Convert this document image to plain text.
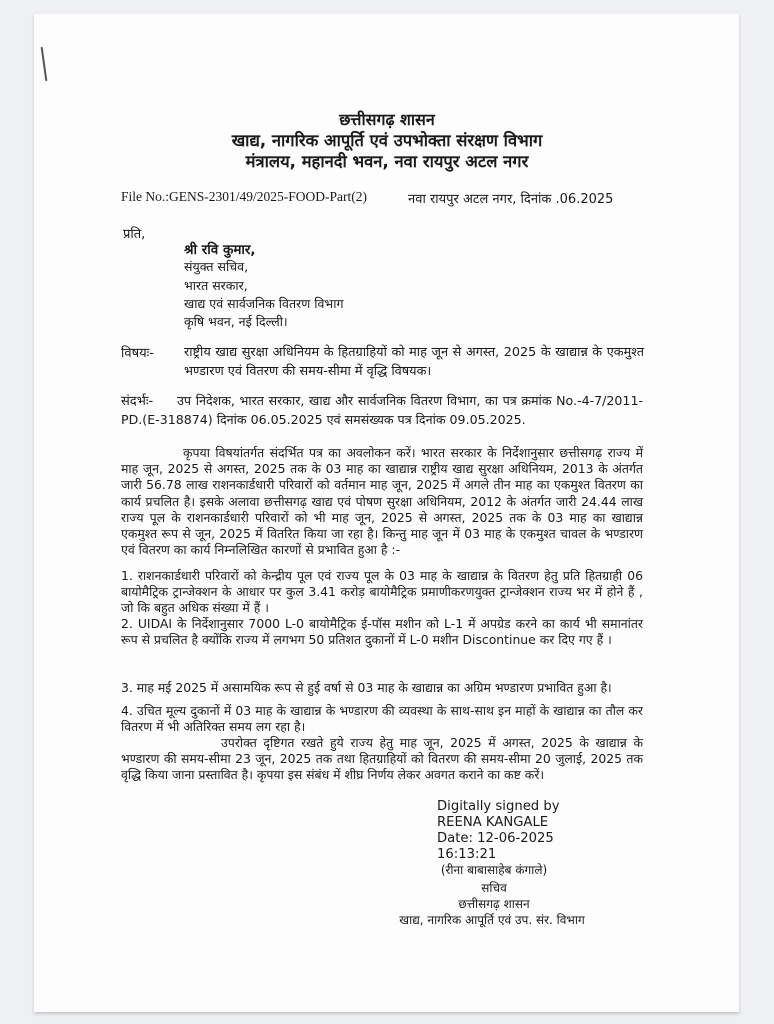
छत्तीसगढ़ शासन
खाद्य, नागरिक आपूर्ति एवं उपभोक्ता संरक्षण विभाग
मंत्रालय, महानदी भवन, नवा रायपुर अटल नगर
File No.:GENS-2301/49/2025-FOOD-Part(2)	नवा रायपुर अटल नगर, दिनांक .06.2025
प्रति,
श्री रवि कुमार,
संयुक्त सचिव,
भारत सरकार,
खाद्य एवं सार्वजनिक वितरण विभाग
कृषि भवन, नई दिल्ली।
विषयः- राष्ट्रीय खाद्य सुरक्षा अधिनियम के हितग्राहियों को माह जून से अगस्त, 2025 के खाद्यान्न के एकमुश्त भण्डारण एवं वितरण की समय-सीमा में वृद्धि विषयक।
संदर्भः-	उप निदेशक, भारत सरकार, खाद्य और सार्वजनिक वितरण विभाग, का पत्र क्रमांक No.-4-7/2011-PD.(E-318874) दिनांक 06.05.2025 एवं समसंख्यक पत्र दिनांक 09.05.2025.
कृपया विषयांतर्गत संदर्भित पत्र का अवलोकन करें। भारत सरकार के निर्देशानुसार छत्तीसगढ़ राज्य में माह जून, 2025 से अगस्त, 2025 तक के 03 माह का खाद्यान्न राष्ट्रीय खाद्य सुरक्षा अधिनियम, 2013 के अंतर्गत जारी 56.78 लाख राशनकार्डधारी परिवारों को वर्तमान माह जून, 2025 में अगले तीन माह का एकमुश्त वितरण का कार्य प्रचलित है। इसके अलावा छत्तीसगढ़ खाद्य एवं पोषण सुरक्षा अधिनियम, 2012 के अंतर्गत जारी 24.44 लाख राज्य पूल के राशनकार्डधारी परिवारों को भी माह जून, 2025 से अगस्त, 2025 तक के 03 माह का खाद्यान्न एकमुश्त रूप से जून, 2025 में वितरित किया जा रहा है। किन्तु माह जून में 03 माह के एकमुश्त चावल के भण्डारण एवं वितरण का कार्य निम्नलिखित कारणों से प्रभावित हुआ है :-
1. राशनकार्डधारी परिवारों को केन्द्रीय पूल एवं राज्य पूल के 03 माह के खाद्यान्न के वितरण हेतु प्रति हितग्राही 06 बायोमैट्रिक ट्रान्जेक्शन के आधार पर कुल 3.41 करोड़ बायोमैट्रिक प्रमाणीकरणयुक्त ट्रान्जेक्शन राज्य भर में होने हैं , जो कि बहुत अधिक संख्या में हैं ।
2. UIDAI के निर्देशानुसार 7000 L-0 बायोमैट्रिक ई-पॉस मशीन को L-1 में अपग्रेड करने का कार्य भी समानांतर रूप से प्रचलित है क्योंकि राज्य में लगभग 50 प्रतिशत दुकानों में L-0 मशीन Discontinue कर दिए गए हैं ।
3. माह मई 2025 में असामयिक रूप से हुई वर्षा से 03 माह के खाद्यान्न का अग्रिम भण्डारण प्रभावित हुआ है।
4. उचित मूल्य दुकानों में 03 माह के खाद्यान्न के भण्डारण की व्यवस्था के साथ-साथ इन माहों के खाद्यान्न का तौल कर वितरण में भी अतिरिक्त समय लग रहा है।
उपरोक्त दृष्टिगत रखते हुये राज्य हेतु माह जून, 2025 में अगस्त, 2025 के खाद्यान्न के भण्डारण की समय-सीमा 23 जून, 2025 तक तथा हितग्राहियों को वितरण की समय-सीमा 20 जुलाई, 2025 तक वृद्धि किया जाना प्रस्तावित है। कृपया इस संबंध में शीघ्र निर्णय लेकर अवगत कराने का कष्ट करें।
Digitally signed by
REENA KANGALE
Date: 12-06-2025
16:13:21
(रीना बाबासाहेब कंगाले)
सचिव
छत्तीसगढ़ शासन
खाद्य, नागरिक आपूर्ति एवं उप. संर. विभाग
